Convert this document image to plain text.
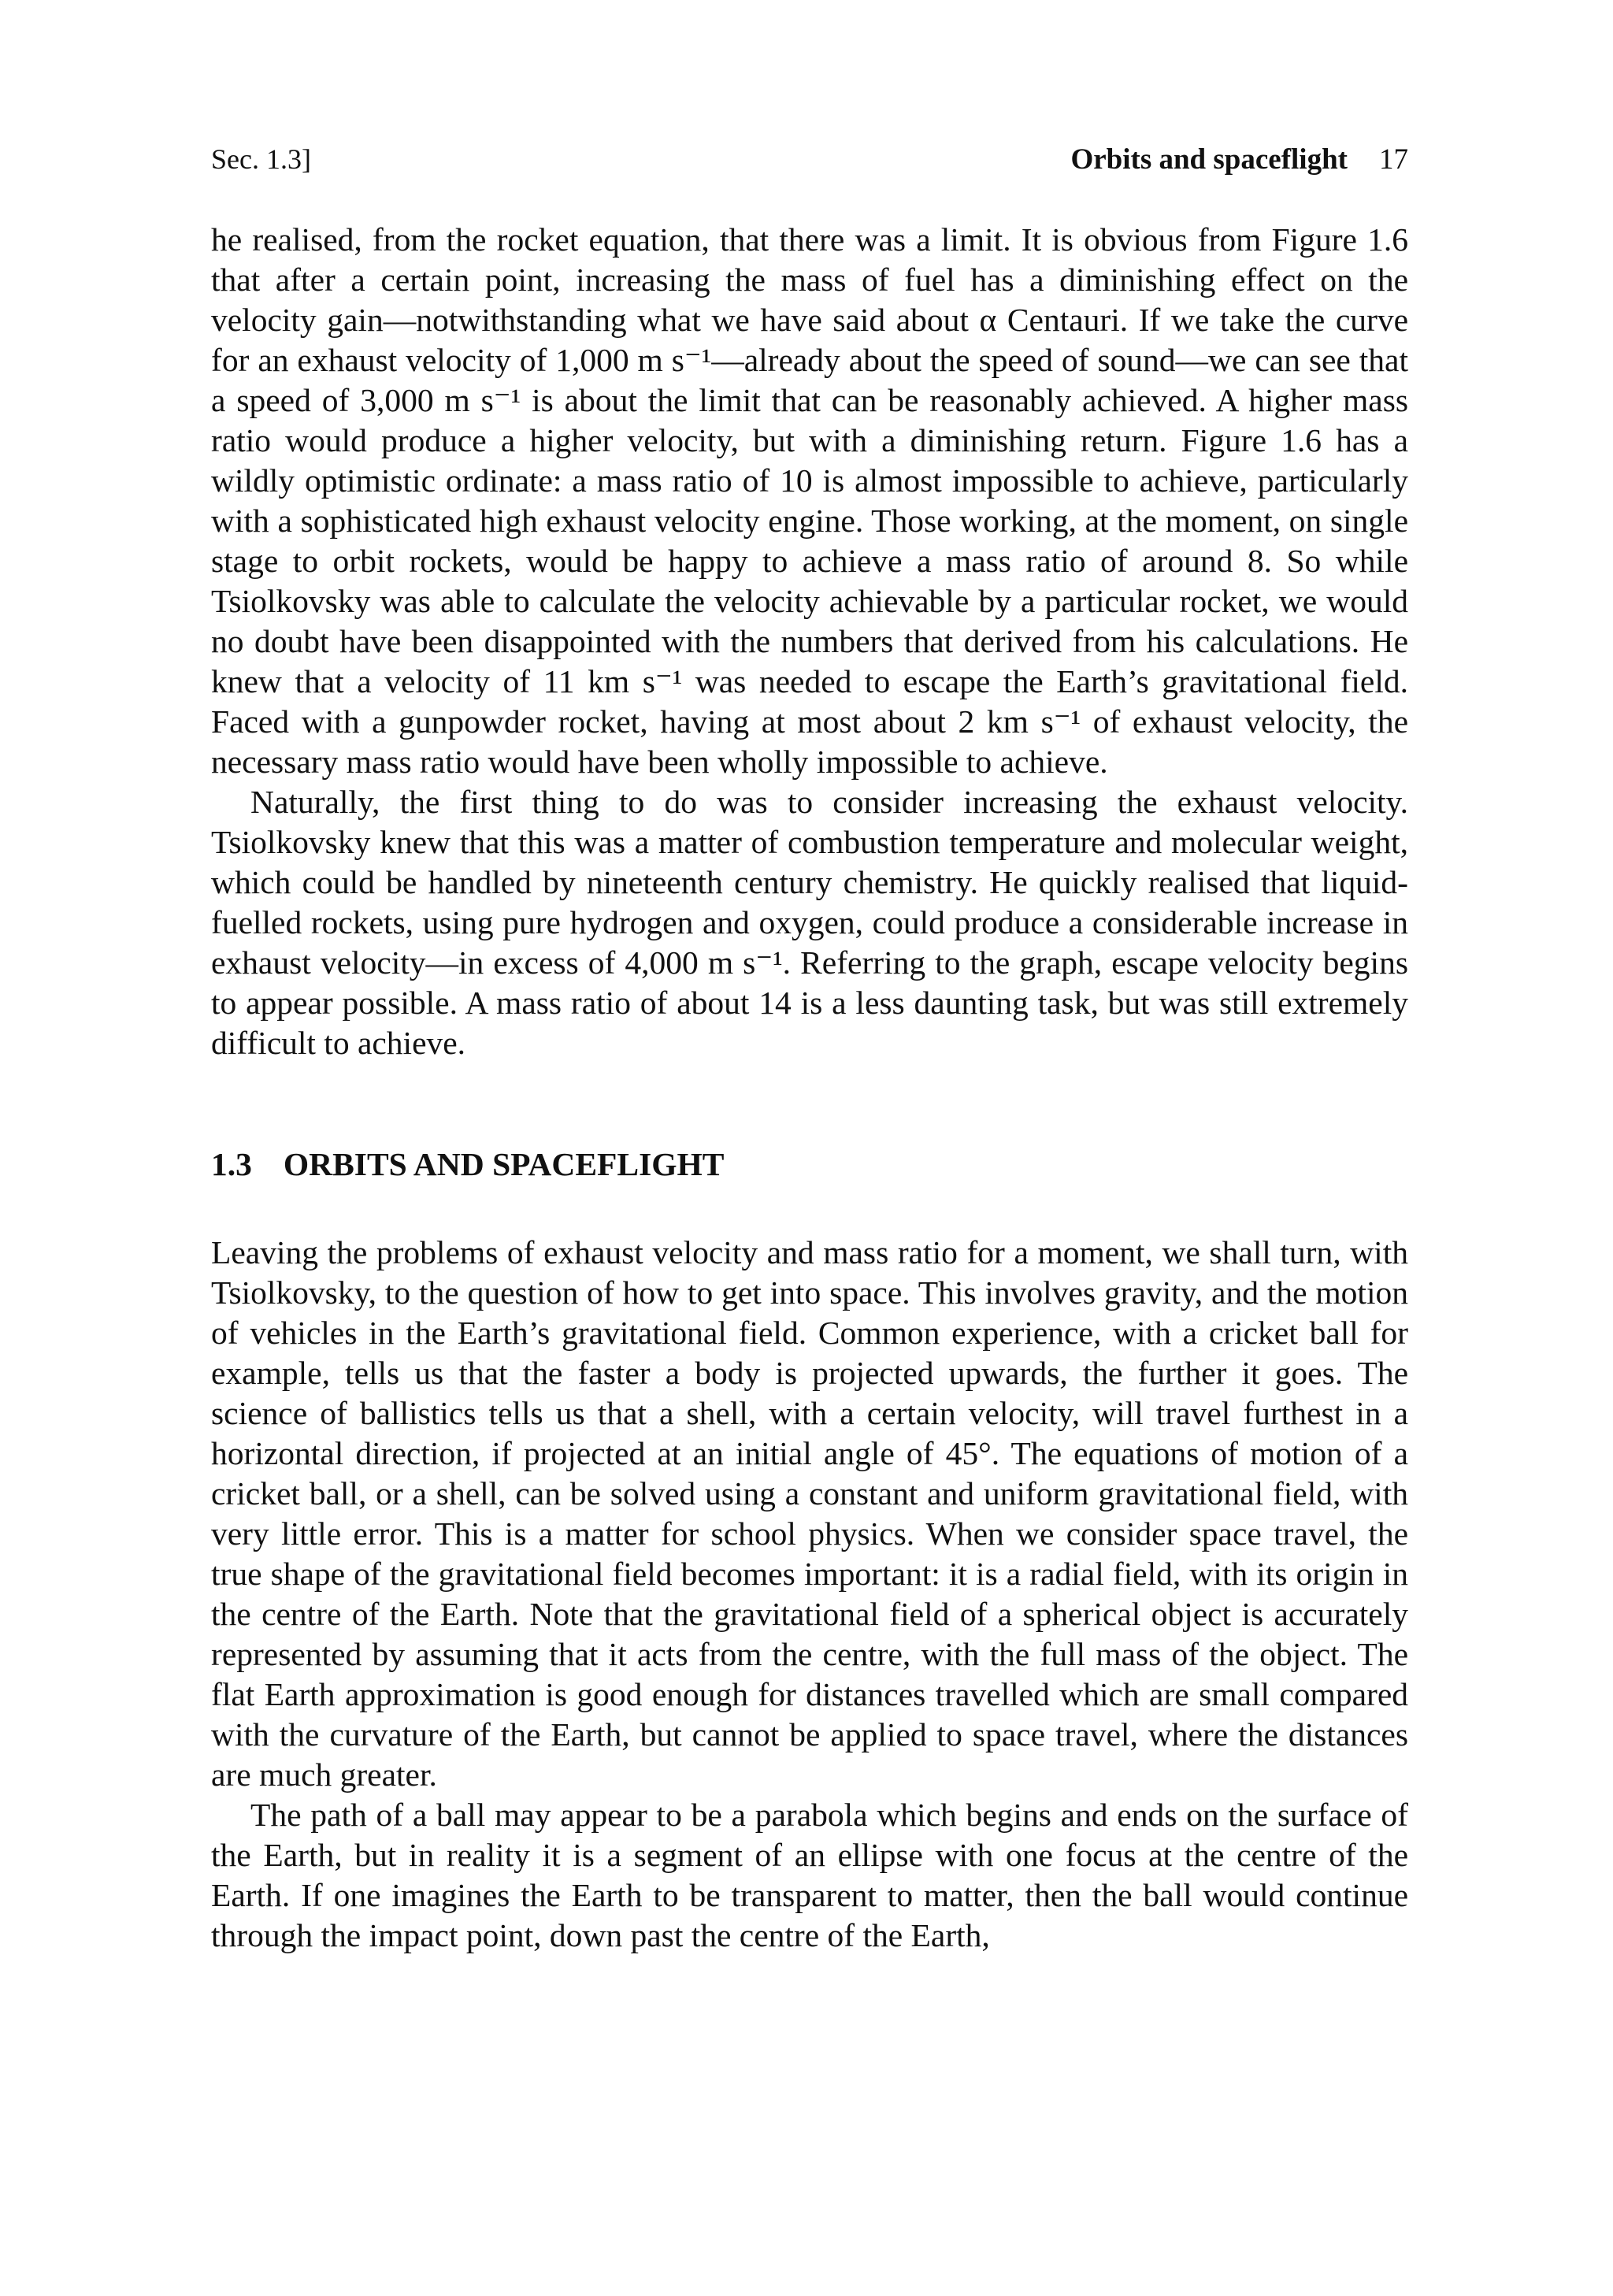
Sec. 1.3]	Orbits and spaceflight 17

he realised, from the rocket equation, that there was a limit. It is obvious from Figure 1.6 that after a certain point, increasing the mass of fuel has a diminishing effect on the velocity gain—notwithstanding what we have said about α Centauri. If we take the curve for an exhaust velocity of 1,000 m s⁻¹—already about the speed of sound—we can see that a speed of 3,000 m s⁻¹ is about the limit that can be reasonably achieved. A higher mass ratio would produce a higher velocity, but with a diminishing return. Figure 1.6 has a wildly optimistic ordinate: a mass ratio of 10 is almost impossible to achieve, particularly with a sophisticated high exhaust velocity engine. Those working, at the moment, on single stage to orbit rockets, would be happy to achieve a mass ratio of around 8. So while Tsiolkovsky was able to calculate the velocity achievable by a particular rocket, we would no doubt have been disappointed with the numbers that derived from his calculations. He knew that a velocity of 11 km s⁻¹ was needed to escape the Earth’s gravitational field. Faced with a gunpowder rocket, having at most about 2 km s⁻¹ of exhaust velocity, the necessary mass ratio would have been wholly impossible to achieve.

Naturally, the first thing to do was to consider increasing the exhaust velocity. Tsiolkovsky knew that this was a matter of combustion temperature and molecular weight, which could be handled by nineteenth century chemistry. He quickly realised that liquid-fuelled rockets, using pure hydrogen and oxygen, could produce a considerable increase in exhaust velocity—in excess of 4,000 m s⁻¹. Referring to the graph, escape velocity begins to appear possible. A mass ratio of about 14 is a less daunting task, but was still extremely difficult to achieve.

1.3 ORBITS AND SPACEFLIGHT

Leaving the problems of exhaust velocity and mass ratio for a moment, we shall turn, with Tsiolkovsky, to the question of how to get into space. This involves gravity, and the motion of vehicles in the Earth’s gravitational field. Common experience, with a cricket ball for example, tells us that the faster a body is projected upwards, the further it goes. The science of ballistics tells us that a shell, with a certain velocity, will travel furthest in a horizontal direction, if projected at an initial angle of 45°. The equations of motion of a cricket ball, or a shell, can be solved using a constant and uniform gravitational field, with very little error. This is a matter for school physics. When we consider space travel, the true shape of the gravitational field becomes important: it is a radial field, with its origin in the centre of the Earth. Note that the gravitational field of a spherical object is accurately represented by assuming that it acts from the centre, with the full mass of the object. The flat Earth approximation is good enough for distances travelled which are small compared with the curvature of the Earth, but cannot be applied to space travel, where the distances are much greater.

The path of a ball may appear to be a parabola which begins and ends on the surface of the Earth, but in reality it is a segment of an ellipse with one focus at the centre of the Earth. If one imagines the Earth to be transparent to matter, then the ball would continue through the impact point, down past the centre of the Earth,
